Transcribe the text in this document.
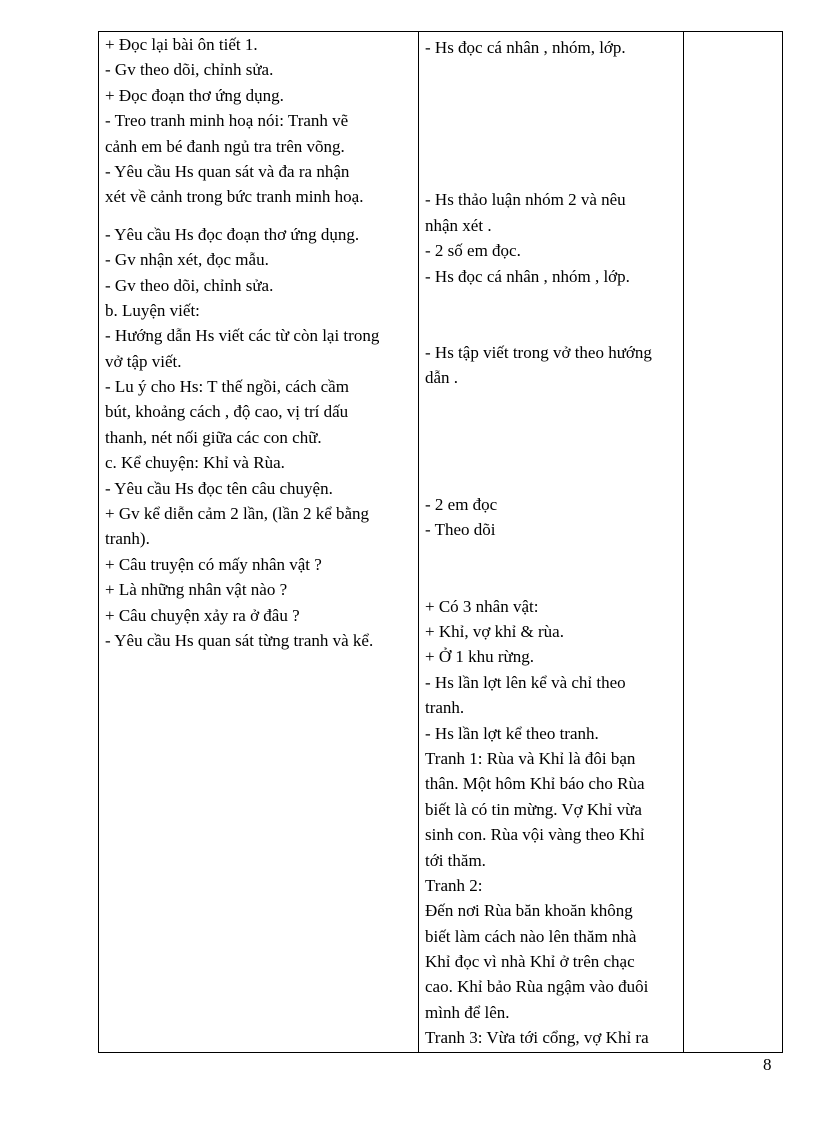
+ Đọc lại bài ôn tiết 1.
- Gv theo dõi, chỉnh sửa.
+ Đọc đoạn thơ ứng dụng.
- Treo tranh minh hoạ nói: Tranh vẽ
cảnh em bé đanh ngủ tra trên võng.
- Yêu cầu Hs quan sát và đa ra nhận
xét về cảnh trong bức tranh minh hoạ.
- Yêu cầu Hs đọc đoạn thơ ứng dụng.
- Gv nhận xét, đọc mẫu.
- Gv theo dõi, chỉnh sửa.
b. Luyện viết:
- Hướng dẫn Hs viết các từ còn lại trong
vở tập viết.
- Lu ý cho Hs: T thế ngồi, cách cầm
bút, khoảng cách , độ cao, vị trí dấu
thanh, nét nối giữa các con chữ.
c. Kể chuyện: Khỉ và Rùa.
- Yêu cầu Hs đọc tên câu chuyện.
+ Gv kể diễn cảm 2 lần, (lần 2 kể bằng
tranh).
+ Câu truyện có mấy nhân vật ?
+ Là những nhân vật nào ?
+ Câu chuyện xảy ra ở đâu ?
- Yêu cầu Hs quan sát từng tranh và kể.
- Hs đọc cá nhân , nhóm, lớp.
- Hs thảo luận nhóm 2 và nêu
nhận xét .
- 2 số em đọc.
- Hs đọc cá nhân , nhóm , lớp.
- Hs tập viết trong vở theo hướng
dẫn .
- 2 em đọc
- Theo dõi
+ Có 3 nhân vật:
+ Khỉ, vợ khỉ & rùa.
+ Ở 1 khu rừng.
- Hs lần lợt lên kể và chỉ theo
tranh.
- Hs lần lợt kể theo tranh.
Tranh 1: Rùa và Khỉ là đôi bạn
thân. Một hôm Khỉ báo cho Rùa
biết là có tin mừng. Vợ Khỉ vừa
sinh con. Rùa vội vàng theo Khỉ
tới thăm.
Tranh 2:
Đến nơi Rùa băn khoăn không
biết làm cách nào lên thăm nhà
Khỉ đọc vì nhà Khỉ ở trên chạc
cao. Khỉ bảo Rùa ngậm vào đuôi
mình để lên.
Tranh 3: Vừa tới cổng, vợ Khỉ ra
8
